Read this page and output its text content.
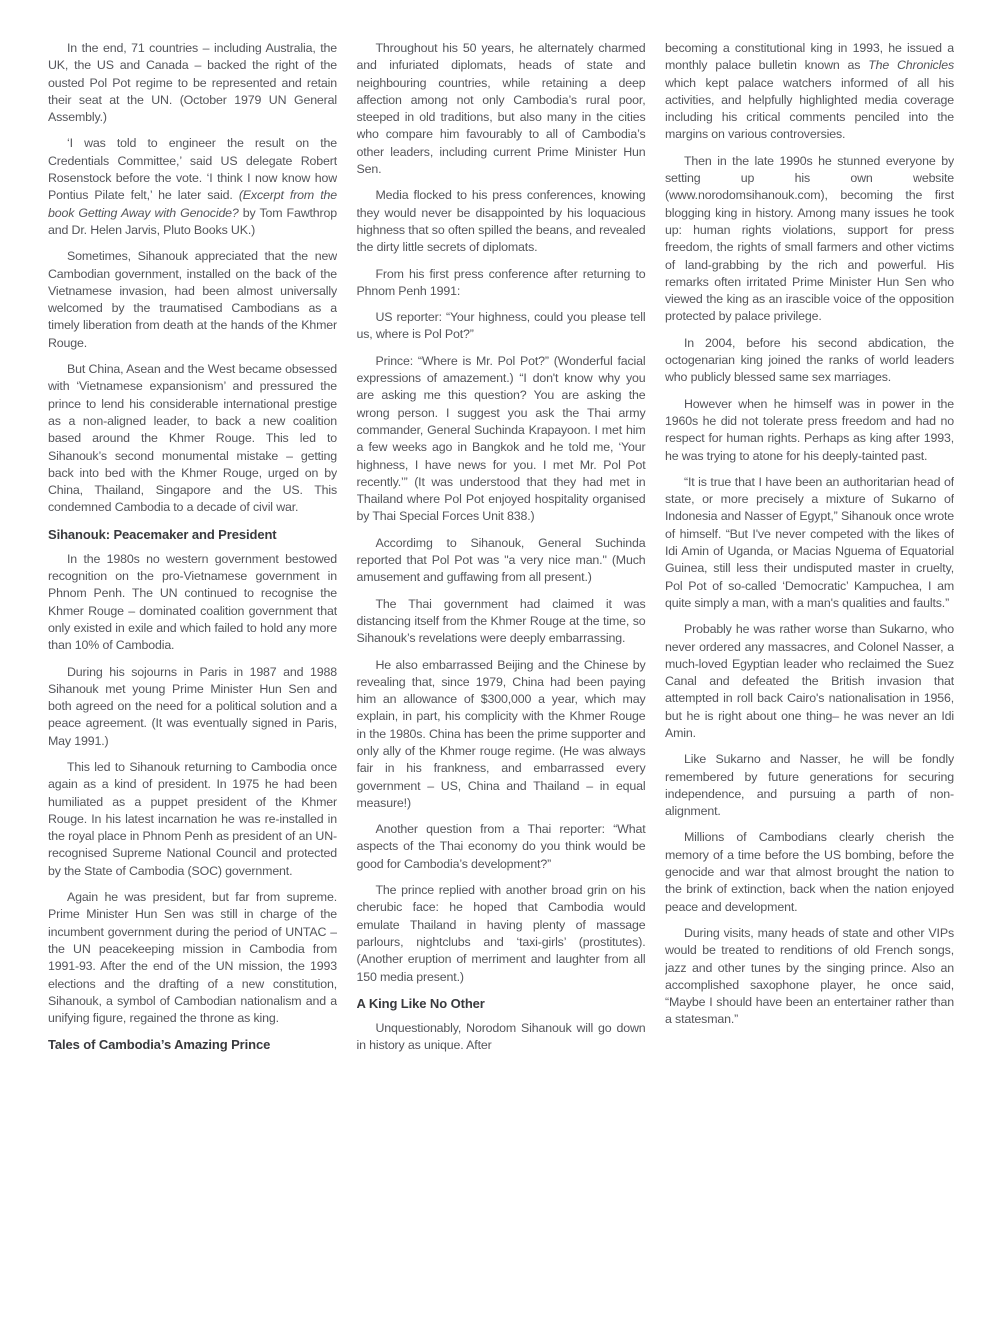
In the end, 71 countries – including Australia, the UK, the US and Canada – backed the right of the ousted Pol Pot regime to be represented and retain their seat at the UN. (October 1979 UN General Assembly.)

‘I was told to engineer the result on the Credentials Committee,’ said US delegate Robert Rosenstock before the vote. ‘I think I now know how Pontius Pilate felt,’ he later said. (Excerpt from the book Getting Away with Genocide? by Tom Fawthrop and Dr. Helen Jarvis, Pluto Books UK.)

Sometimes, Sihanouk appreciated that the new Cambodian government, installed on the back of the Vietnamese invasion, had been almost universally welcomed by the traumatised Cambodians as a timely liberation from death at the hands of the Khmer Rouge.

But China, Asean and the West became obsessed with ‘Vietnamese expansionism’ and pressured the prince to lend his considerable international prestige as a non-aligned leader, to back a new coalition based around the Khmer Rouge. This led to Sihanouk’s second monumental mistake – getting back into bed with the Khmer Rouge, urged on by China, Thailand, Singapore and the US. This condemned Cambodia to a decade of civil war.

Sihanouk: Peacemaker and President

In the 1980s no western government bestowed recognition on the pro-Vietnamese government in Phnom Penh. The UN continued to recognise the Khmer Rouge – dominated coalition government that only existed in exile and which failed to hold any more than 10% of Cambodia.

During his sojourns in Paris in 1987 and 1988 Sihanouk met young Prime Minister Hun Sen and both agreed on the need for a political solution and a peace agreement. (It was eventually signed in Paris, May 1991.)

This led to Sihanouk returning to Cambodia once again as a kind of president. In 1975 he had been humiliated as a puppet president of the Khmer Rouge. In his latest incarnation he was re-installed in the royal place in Phnom Penh as president of an UN-recognised Supreme National Council and protected by the State of Cambodia (SOC) government.

Again he was president, but far from supreme. Prime Minister Hun Sen was still in charge of the incumbent government during the period of UNTAC – the UN peacekeeping mission in Cambodia from 1991-93. After the end of the UN mission, the 1993 elections and the drafting of a new constitution, Sihanouk, a symbol of Cambodian nationalism and a unifying figure, regained the throne as king.

Tales of Cambodia’s Amazing Prince

Throughout his 50 years, he alternately charmed and infuriated diplomats, heads of state and neighbouring countries, while retaining a deep affection among not only Cambodia’s rural poor, steeped in old traditions, but also many in the cities who compare him favourably to all of Cambodia’s other leaders, including current Prime Minister Hun Sen.

Media flocked to his press conferences, knowing they would never be disappointed by his loquacious highness that so often spilled the beans, and revealed the dirty little secrets of diplomats.

From his first press conference after returning to Phnom Penh 1991:

US reporter: “Your highness, could you please tell us, where is Pol Pot?”

Prince: “Where is Mr. Pol Pot?” (Wonderful facial expressions of amazement.) “I don't know why you are asking me this question? You are asking the wrong person. I suggest you ask the Thai army commander, General Suchinda Krapayoon. I met him a few weeks ago in Bangkok and he told me, ‘Your highness, I have news for you. I met Mr. Pol Pot recently.’” (It was understood that they had met in Thailand where Pol Pot enjoyed hospitality organised by Thai Special Forces Unit 838.)

Accordimg to Sihanouk, General Suchinda reported that Pol Pot was "a very nice man." (Much amusement and guffawing from all present.)

The Thai government had claimed it was distancing itself from the Khmer Rouge at the time, so Sihanouk’s revelations were deeply embarrassing.

He also embarrassed Beijing and the Chinese by revealing that, since 1979, China had been paying him an allowance of $300,000 a year, which may explain, in part, his complicity with the Khmer Rouge in the 1980s. China has been the prime supporter and only ally of the Khmer rouge regime. (He was always fair in his frankness, and embarrassed every government – US, China and Thailand – in equal measure!)

Another question from a Thai reporter: “What aspects of the Thai economy do you think would be good for Cambodia’s development?”

The prince replied with another broad grin on his cherubic face: he hoped that Cambodia would emulate Thailand in having plenty of massage parlours, nightclubs and ‘taxi-girls’ (prostitutes). (Another eruption of merriment and laughter from all 150 media present.)

A King Like No Other

Unquestionably, Norodom Sihanouk will go down in history as unique. After

becoming a constitutional king in 1993, he issued a monthly palace bulletin known as The Chronicles which kept palace watchers informed of all his activities, and helpfully highlighted media coverage including his critical comments penciled into the margins on various controversies.

Then in the late 1990s he stunned everyone by setting up his own website (www.norodomsihanouk.com), becoming the first blogging king in history. Among many issues he took up: human rights violations, support for press freedom, the rights of small farmers and other victims of land-grabbing by the rich and powerful. His remarks often irritated Prime Minister Hun Sen who viewed the king as an irascible voice of the opposition protected by palace privilege.

In 2004, before his second abdication, the octogenarian king joined the ranks of world leaders who publicly blessed same sex marriages.

However when he himself was in power in the 1960s he did not tolerate press freedom and had no respect for human rights. Perhaps as king after 1993, he was trying to atone for his deeply-tainted past.

“It is true that I have been an authoritarian head of state, or more precisely a mixture of Sukarno of Indonesia and Nasser of Egypt,” Sihanouk once wrote of himself. “But I've never competed with the likes of Idi Amin of Uganda, or Macias Nguema of Equatorial Guinea, still less their undisputed master in cruelty, Pol Pot of so-called ‘Democratic’ Kampuchea, I am quite simply a man, with a man's qualities and faults.”

Probably he was rather worse than Sukarno, who never ordered any massacres, and Colonel Nasser, a much-loved Egyptian leader who reclaimed the Suez Canal and defeated the British invasion that attempted in roll back Cairo's nationalisation in 1956, but he is right about one thing– he was never an Idi Amin.

Like Sukarno and Nasser, he will be fondly remembered by future generations for securing independence, and pursuing a parth of non-alignment.

Millions of Cambodians clearly cherish the memory of a time before the US bombing, before the genocide and war that almost brought the nation to the brink of extinction, back when the nation enjoyed peace and development.

During visits, many heads of state and other VIPs would be treated to renditions of old French songs, jazz and other tunes by the singing prince. Also an accomplished saxophone player, he once said, “Maybe I should have been an entertainer rather than a statesman.”
